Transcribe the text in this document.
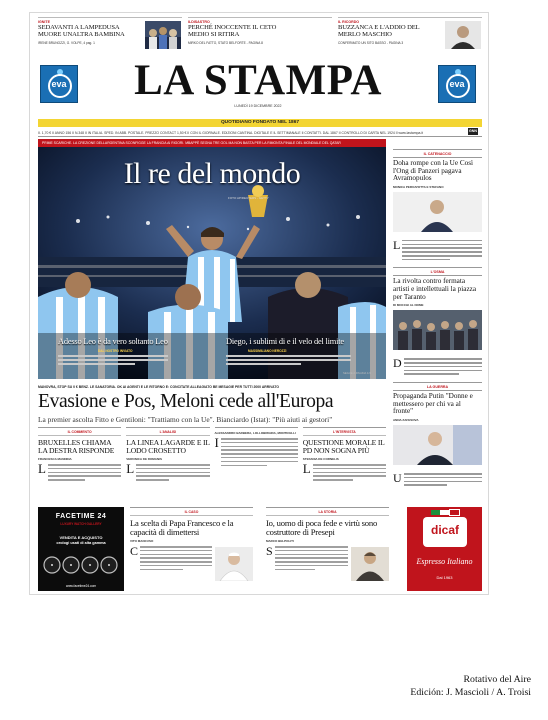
IGNITE
SEDAVANTI A LAMPEDUSA MUORE UNALTRA BAMBINA
IRENE BRUNOZZI, G. VOLPE, 4 pag. 1
ILDISASTRO
PERCHÉ INOCCENTE IL CETO MEDIO SI RITIRA
MIRKO DEL FATTO, STATO BELFORTE - PAGINA 8
IL RICORDO
BUZZANCA E L'ADDIO DEL MERLO MASCHIO
CONFERMATO UN SITO BASSO - PAGINA 3
eva	LA STAMPA
LUNEDÌ 19 DICEMBRE 2022
eva
QUOTIDIANO FONDATO NEL 1867
II. 1,70 € II ANNO 156 II N.348 II IN ITALIA. SPED. IN ABB. POSTALE. PREZZO CONTACT 1,50 € II CON IL GIORNALE. EDIZIONI CANTINA. DIGITALE E IL SETTIMANALE II CONTATTI. DAL 1867 II CONTROLLO DI CARTA NEL 1924 II www.lastampa.it	GNN
PRIME SCARICHE. LA CREZIONE DELLARGENTINA SCONFIGGE LA FRANCIA AI RIGORI. MBAPPÈ SEGNA TRE GOL MA NON BASTA PER LA RIMONTA FINALE DEL MONDIALE DEL QATAR
Il re del mondo
FOTO AP/REUTERS - GETTY
Adesso Leo è da vero soltanto Leo
DAL NOSTRO INVIATO
Diego, i sublimi di e il velo del limite
MASSIMILIANO NEROZZI
SEGUE A PAGINA 4-5
IL CATENACCIO
Doha rompe con la Ue Così l'Ong di Panzeri pagava Avramopulos
MONICA PERUZZOTTA E STEFANO
L
L'OSMA
La rivolta contro fermata artisti e intellettuali la piazza per Taranto
DI MOCCHI AL NOME
D
LA GUERRA
Propaganda Putin "Donne e mettessero per chi va al fronte"
ANNA ZAFESOVA
U
MANOVRA, STOP SU 0 € BENZ. LE SANATORIA. OK AI AGENTI E LE RITORNO E: CONCITATE ALLEAGIATO BE MESAGIE PER TUTTI 2000 ARRIVATO
Evasione e Pos, Meloni cede all'Europa
La premier ascolta Fitto e Gentiloni: "Trattiamo con la Ue". Bianciardo (Istat): "Più aiuti ai gestori"
IL COMMENTO
BRUXELLES CHIAMA LA DESTRA RISPONDE
FRANCESCA MANNINA
L
L'ANALISI
LA LINEA LAGARDE E IL LODO CROSETTO
VERONICA DE ROMANIS
L
ALESSANDRO BARBERA, LOLLOBRIGIDA, MONTICELLI
I
L'INTERVISTA
QUESTIONE MORALE IL PD NON SOGNA PIÙ
STEFANIA DE CORNELIS
L
FACETIME 24
LUXURY WATCH GALLERY
VENDITA E ACQUISTO
orologi usati di alta gamma
www.facetime24.com
IL CASO
La scelta di Papa Francesco e la capacità di dimettersi
VITO MANCUSO
C
LA STORIA
Io, uomo di poca fede e virtù sono costruttore di Presepi
MARCO BELPOLITI
S
dicaf
Espresso Italiano
Dal 1963
Rotativo del Aire
Edición: J. Mascioli / A. Troisi
